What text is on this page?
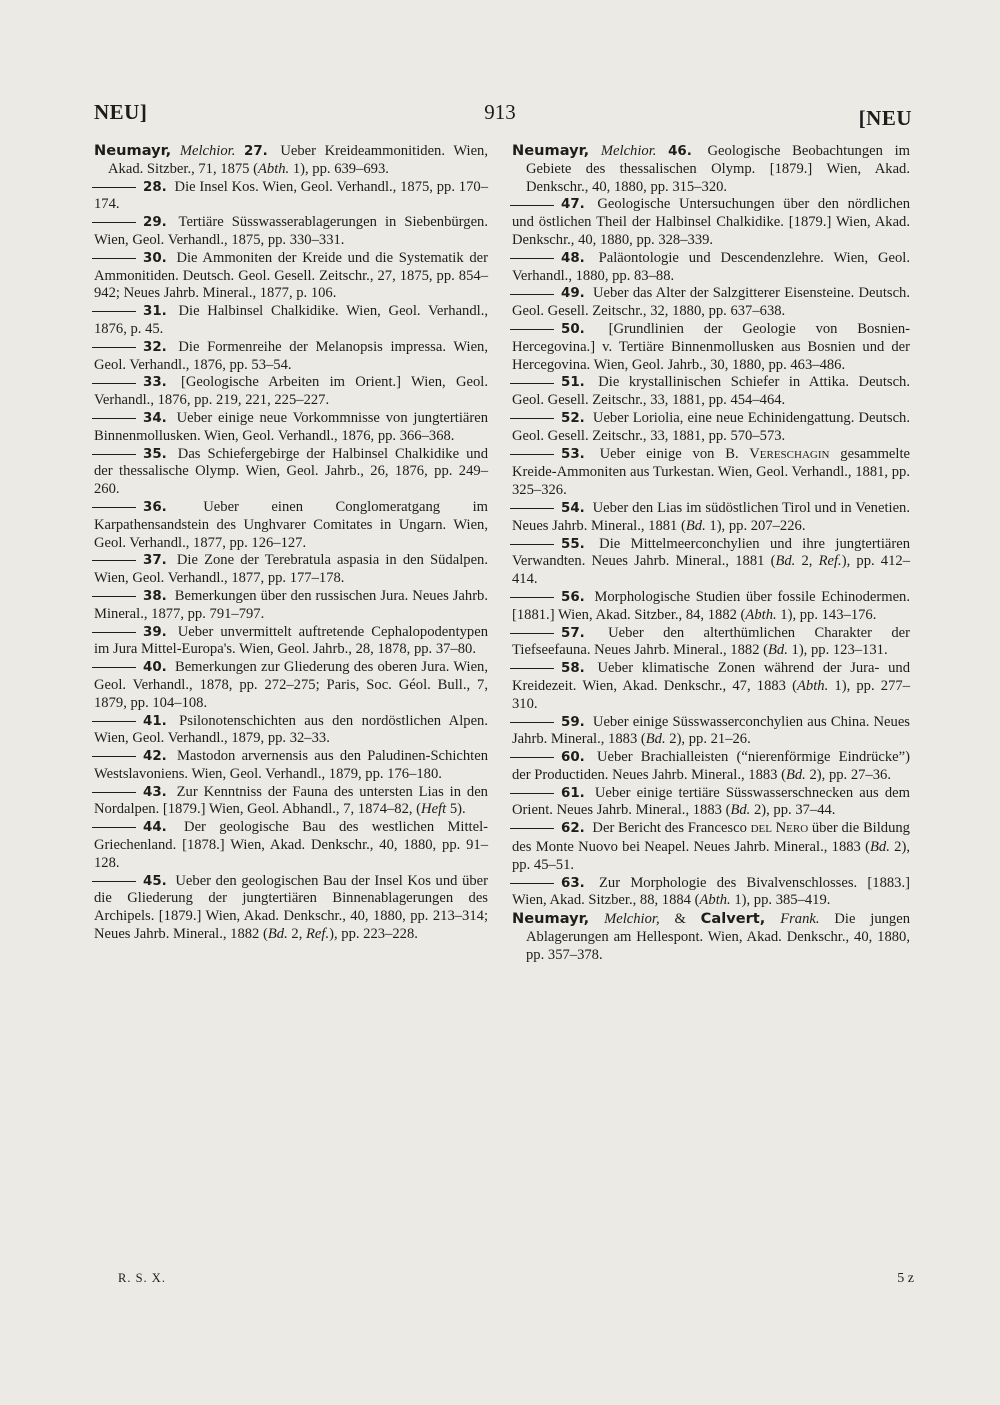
NEU]	913	[NEU

Neumayr, Melchior. 27. Ueber Kreideammonitiden. Wien, Akad. Sitzber., 71, 1875 (Abth. 1), pp. 639–693.

28. Die Insel Kos. Wien, Geol. Verhandl., 1875, pp. 170–174.

29. Tertiäre Süsswasserablagerungen in Siebenbürgen. Wien, Geol. Verhandl., 1875, pp. 330–331.

30. Die Ammoniten der Kreide und die Systematik der Ammonitiden. Deutsch. Geol. Gesell. Zeitschr., 27, 1875, pp. 854–942; Neues Jahrb. Mineral., 1877, p. 106.

31. Die Halbinsel Chalkidike. Wien, Geol. Verhandl., 1876, p. 45.

32. Die Formenreihe der Melanopsis impressa. Wien, Geol. Verhandl., 1876, pp. 53–54.

33. [Geologische Arbeiten im Orient.] Wien, Geol. Verhandl., 1876, pp. 219, 221, 225–227.

34. Ueber einige neue Vorkommnisse von jungtertiären Binnenmollusken. Wien, Geol. Verhandl., 1876, pp. 366–368.

35. Das Schiefergebirge der Halbinsel Chalkidike und der thessalische Olymp. Wien, Geol. Jahrb., 26, 1876, pp. 249–260.

36.	Ueber einen Conglomeratgang im Karpathensandstein des Unghvarer Comitates in Ungarn. Wien, Geol. Verhandl., 1877, pp. 126–127.

37. Die Zone der Terebratula aspasia in den Südalpen. Wien, Geol. Verhandl., 1877, pp. 177–178.

38. Bemerkungen über den russischen Jura. Neues Jahrb. Mineral., 1877, pp. 791–797.

39. Ueber unvermittelt auftretende Cephalopodentypen im Jura Mittel-Europa's. Wien, Geol. Jahrb., 28, 1878, pp. 37–80.

40. Bemerkungen zur Gliederung des oberen Jura. Wien, Geol. Verhandl., 1878, pp. 272–275; Paris, Soc. Géol. Bull., 7, 1879, pp. 104–108.

41. Psilonotenschichten aus den nordöstlichen Alpen. Wien, Geol. Verhandl., 1879, pp. 32–33.

42. Mastodon arvernensis aus den Paludinen-Schichten Westslavoniens. Wien, Geol. Verhandl., 1879, pp. 176–180.

43. Zur Kenntniss der Fauna des untersten Lias in den Nordalpen. [1879.] Wien, Geol. Abhandl., 7, 1874–82, (Heft 5).

44. Der geologische Bau des westlichen Mittel-Griechenland. [1878.] Wien, Akad. Denkschr., 40, 1880, pp. 91–128.

45. Ueber den geologischen Bau der Insel Kos und über die Gliederung der jungtertiären Binnenablagerungen des Archipels. [1879.] Wien, Akad. Denkschr., 40, 1880, pp. 213–314; Neues Jahrb. Mineral., 1882 (Bd. 2, Ref.), pp. 223–228.

Neumayr, Melchior. 46. Geologische Beobachtungen im Gebiete des thessalischen Olymp. [1879.] Wien, Akad. Denkschr., 40, 1880, pp. 315–320.

47. Geologische Untersuchungen über den nördlichen und östlichen Theil der Halbinsel Chalkidike. [1879.] Wien, Akad. Denkschr., 40, 1880, pp. 328–339.

48. Paläontologie und Descendenzlehre. Wien, Geol. Verhandl., 1880, pp. 83–88.

49. Ueber das Alter der Salzgitterer Eisensteine. Deutsch. Geol. Gesell. Zeitschr., 32, 1880, pp. 637–638.

50. [Grundlinien der Geologie von Bosnien-Hercegovina.] v. Tertiäre Binnenmollusken aus Bosnien und der Hercegovina. Wien, Geol. Jahrb., 30, 1880, pp. 463–486.

51. Die krystallinischen Schiefer in Attika. Deutsch. Geol. Gesell. Zeitschr., 33, 1881, pp. 454–464.

52. Ueber Loriolia, eine neue Echinidengattung. Deutsch. Geol. Gesell. Zeitschr., 33, 1881, pp. 570–573.

53. Ueber einige von B. VERESCHAGIN gesammelte Kreide-Ammoniten aus Turkestan. Wien, Geol. Verhandl., 1881, pp. 325–326.

54. Ueber den Lias im südöstlichen Tirol und in Venetien. Neues Jahrb. Mineral., 1881 (Bd. 1), pp. 207–226.

55. Die Mittelmeerconchylien und ihre jungtertiären Verwandten. Neues Jahrb. Mineral., 1881 (Bd. 2, Ref.), pp. 412–414.

56. Morphologische Studien über fossile Echinodermen. [1881.] Wien, Akad. Sitzber., 84, 1882 (Abth. 1), pp. 143–176.

57. Ueber den alterthümlichen Charakter der Tiefseefauna. Neues Jahrb. Mineral., 1882 (Bd. 1), pp. 123–131.

58. Ueber klimatische Zonen während der Jura- und Kreidezeit. Wien, Akad. Denkschr., 47, 1883 (Abth. 1), pp. 277–310.

59. Ueber einige Süsswasserconchylien aus China. Neues Jahrb. Mineral., 1883 (Bd. 2), pp. 21–26.

60. Ueber Brachialleisten (“nierenförmige Eindrücke”) der Productiden. Neues Jahrb. Mineral., 1883 (Bd. 2), pp. 27–36.

61. Ueber einige tertiäre Süsswasserschnecken aus dem Orient. Neues Jahrb. Mineral., 1883 (Bd. 2), pp. 37–44.

62. Der Bericht des Francesco DEL NERO über die Bildung des Monte Nuovo bei Neapel. Neues Jahrb. Mineral., 1883 (Bd. 2), pp. 45–51.

63. Zur Morphologie des Bivalvenschlosses. [1883.] Wien, Akad. Sitzber., 88, 1884 (Abth. 1), pp. 385–419.

Neumayr, Melchior, & Calvert, Frank. Die jungen Ablagerungen am Hellespont. Wien, Akad. Denkschr., 40, 1880, pp. 357–378.

R. S. X.	5 z
